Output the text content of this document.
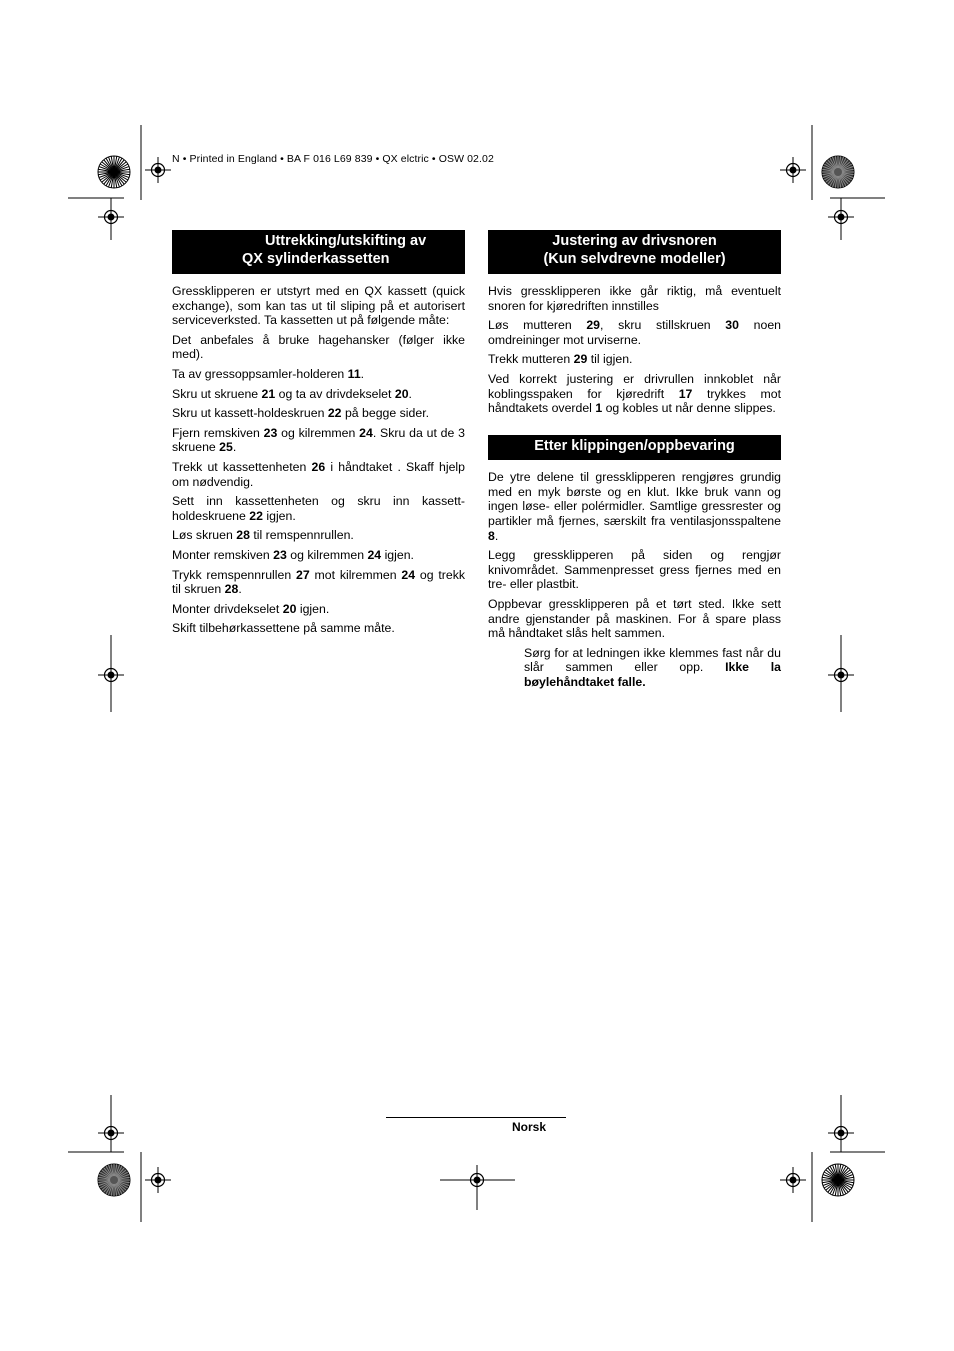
N • Printed in England • BA F 016 L69 839 • QX elctric • OSW 02.02
Uttrekking/utskifting av
QX sylinderkassetten

Gressklipperen er utstyrt med en QX kassett (quick exchange), som kan tas ut til sliping på et autorisert serviceverksted. Ta kassetten ut på følgende måte:

Det anbefales å bruke hagehansker (følger ikke med).

Ta av gressoppsamler-holderen 11.

Skru ut skruene 21 og ta av drivdekselet 20.

Skru ut kassett-holdeskruen 22 på begge sider.

Fjern remskiven 23 og kilremmen 24. Skru da ut de 3 skruene 25.

Trekk ut kassettenheten 26 i håndtaket . Skaff hjelp om nødvendig.

Sett inn kassettenheten og skru inn kassett-holdeskruene 22 igjen.

Løs skruen 28 til remspennrullen.

Monter remskiven 23 og kilremmen 24 igjen.

Trykk remspennrullen 27 mot kilremmen 24 og trekk til skruen 28.

Monter drivdekselet 20 igjen.

Skift tilbehørkassettene på samme måte.

Justering av drivsnoren
(Kun selvdrevne modeller)

Hvis gressklipperen ikke går riktig, må eventuelt snoren for kjøredriften innstilles

Løs mutteren 29, skru stillskruen 30 noen omdreininger mot urviserne.

Trekk mutteren 29 til igjen.

Ved korrekt justering er drivrullen innkoblet når koblingsspaken for kjøredrift 17 trykkes mot håndtakets overdel 1 og kobles ut når denne slippes.

Etter klippingen/oppbevaring

De ytre delene til gressklipperen rengjøres grundig med en myk børste og en klut. Ikke bruk vann og ingen løse- eller polérmidler. Samtlige gressrester og partikler må fjernes, særskilt fra ventilasjonsspaltene 8.

Legg gressklipperen på siden og rengjør knivområdet. Sammenpresset gress fjernes med en tre- eller plastbit.

Oppbevar gressklipperen på et tørt sted. Ikke sett andre gjenstander på maskinen. For å spare plass må håndtaket slås helt sammen.

Sørg for at ledningen ikke klemmes fast når du slår sammen eller opp. Ikke la bøylehåndtaket falle.

Norsk
